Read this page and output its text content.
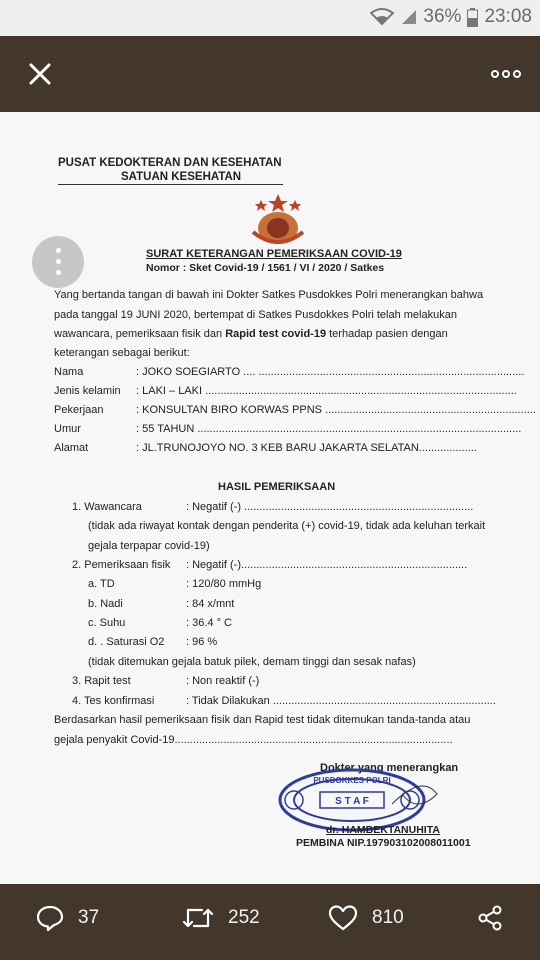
36% 23:08
PUSAT KEDOKTERAN DAN KESEHATAN
SATUAN KESEHATAN
SURAT KETERANGAN PEMERIKSAAN COVID-19
Nomor : Sket Covid-19 / 1561 / VI / 2020 / Satkes
Yang bertanda tangan di bawah ini Dokter Satkes Pusdokkes Polri menerangkan bahwa
pada tanggal 19 JUNI 2020, bertempat di Satkes Pusdokkes Polri telah melakukan
wawancara, pemeriksaan fisik dan Rapid test covid-19 terhadap pasien dengan
keterangan sebagai berikut:
Nama	: JOKO SOEGIARTO .... .......................................................................................
Jenis kelamin : LAKI – LAKI ......................................................................................................
Pekerjaan	: KONSULTAN BIRO KORWAS PPNS .....................................................................
Umur	: 55 TAHUN ..........................................................................................................
Alamat	: JL.TRUNOJOYO NO. 3 KEB BARU JAKARTA SELATAN...................
HASIL PEMERIKSAAN
1. Wawancara	: Negatif (-) ...........................................................................
(tidak ada riwayat kontak dengan penderita (+) covid-19, tidak ada keluhan terkait
gejala terpapar covid-19)
2. Pemeriksaan fisik : Negatif (-)..........................................................................
a. TD	: 120/80 mmHg
b. Nadi	: 84 x/mnt
c. Suhu	: 36.4 ° C
d. . Saturasi O2 : 96 %
(tidak ditemukan gejala batuk pilek, demam tinggi dan sesak nafas)
3. Rapit test	: Non reaktif (-)
4. Tes konfirmasi	: Tidak Dilakukan .........................................................................
Berdasarkan hasil pemeriksaan fisik dan Rapid test tidak ditemukan tanda-tanda atau
gejala penyakit Covid-19...........................................................................................
Dokter yang menerangkan
S T A F
PUSDOKKES POLRI
dr. HAMBEKTANUHITA
PEMBINA NIP.197903102008011001
37	252	810
